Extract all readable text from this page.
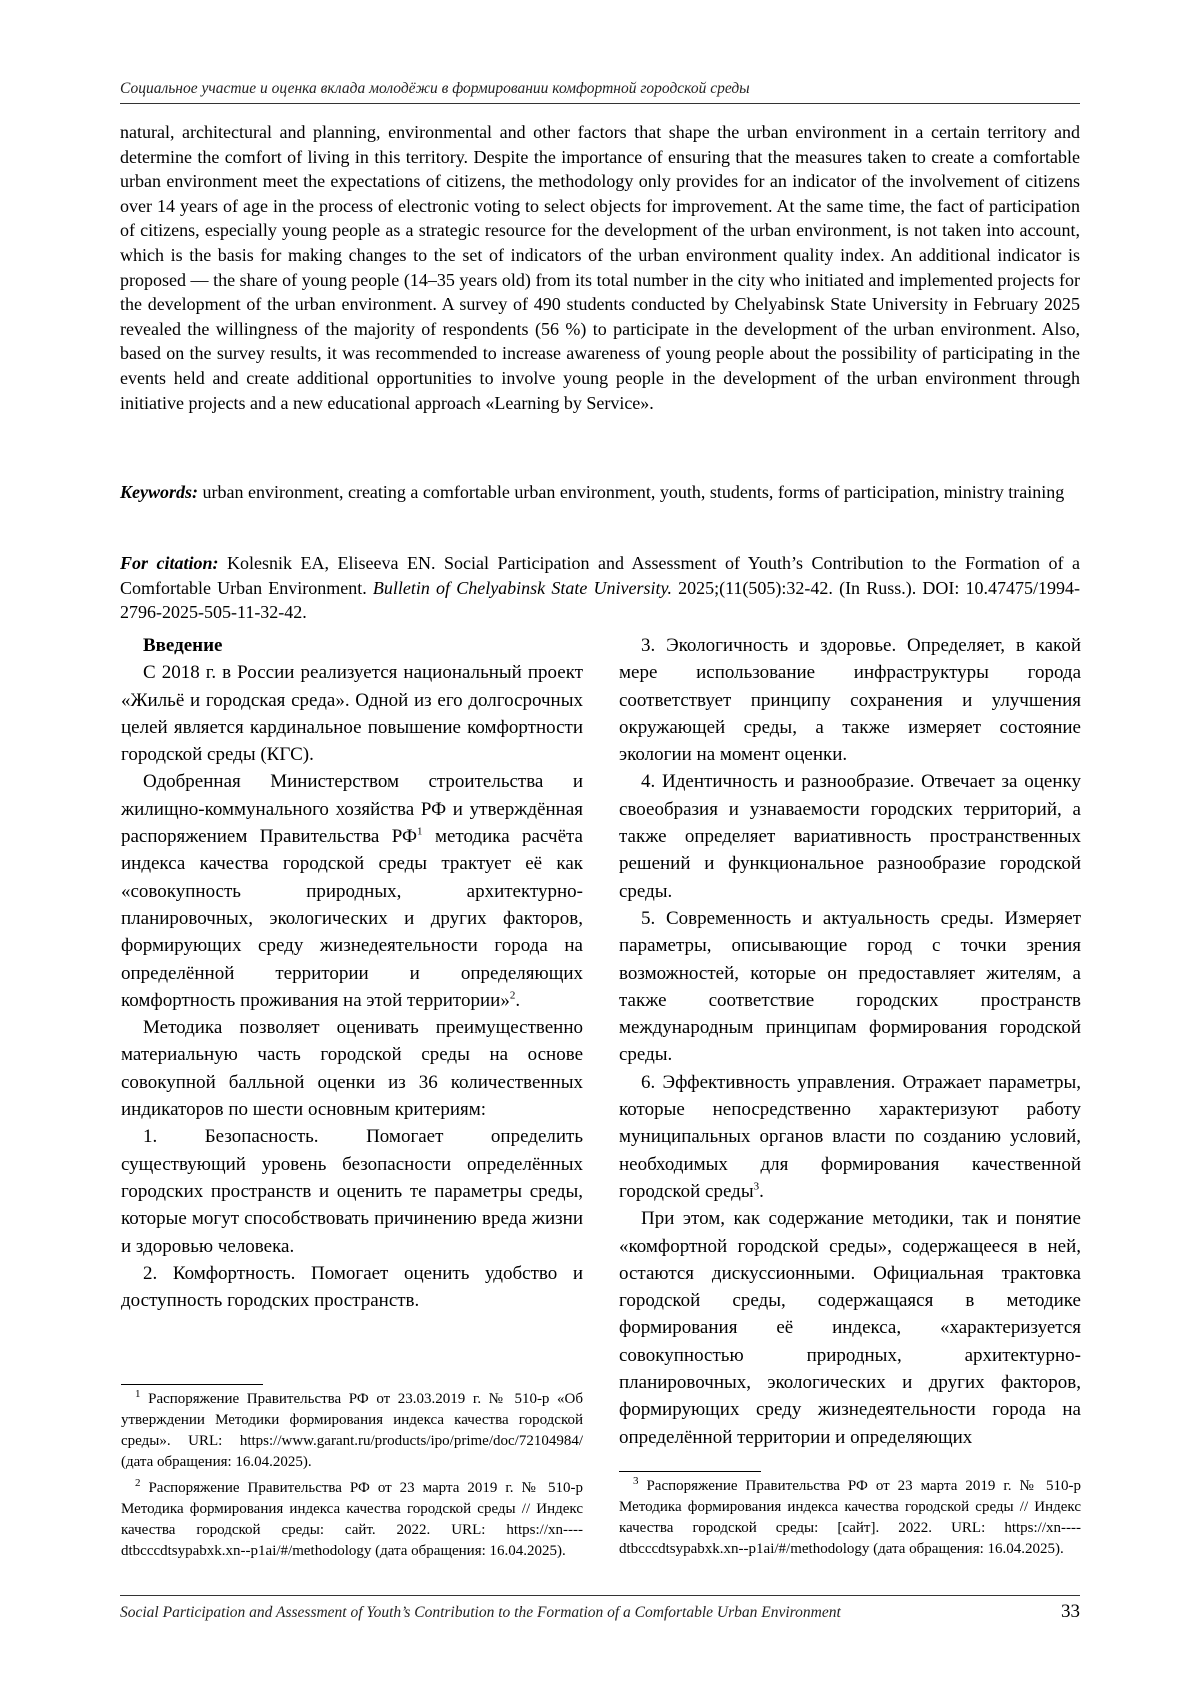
Социальное участие и оценка вклада молодёжи в формировании комфортной городской среды

natural, architectural and planning, environmental and other factors that shape the urban environment in a certain territory and determine the comfort of living in this territory. Despite the importance of ensuring that the measures taken to create a comfortable urban environment meet the expectations of citizens, the methodology only provides for an indicator of the involvement of citizens over 14 years of age in the process of electronic voting to select objects for improvement. At the same time, the fact of participation of citizens, especially young people as a strategic resource for the development of the urban environment, is not taken into account, which is the basis for making changes to the set of indicators of the urban environment quality index. An additional indicator is proposed — the share of young people (14–35 years old) from its total number in the city who initiated and implemented projects for the development of the urban environment. A survey of 490 students conducted by Chelyabinsk State University in February 2025 revealed the willingness of the majority of respondents (56 %) to participate in the development of the urban environment. Also, based on the survey results, it was recommended to increase awareness of young people about the possibility of participating in the events held and create additional opportunities to involve young people in the development of the urban environment through initiative projects and a new educational approach «Learning by Service».

Keywords: urban environment, creating a comfortable urban environment, youth, students, forms of participation, ministry training
For citation: Kolesnik EA, Eliseeva EN. Social Participation and Assessment of Youth’s Contribution to the Formation of a Comfortable Urban Environment. Bulletin of Chelyabinsk State University. 2025;(11(505):32-42. (In Russ.). DOI: 10.47475/1994-2796-2025-505-11-32-42.

Введение

С 2018 г. в России реализуется национальный проект «Жильё и городская среда». Одной из его долгосрочных целей является кардинальное повышение комфортности городской среды (КГС).

Одобренная Министерством строительства и жилищно-коммунального хозяйства РФ и утверждённая распоряжением Правительства $РФ^1$ методика расчёта индекса качества городской среды трактует её как «совокупность природных, архитектурно-планировочных, экологических и других факторов, формирующих среду жизнедеятельности города на определённой территории и определяющих комфортность проживания на этой территории»$^2$.

Методика позволяет оценивать преимущественно материальную часть городской среды на основе совокупной балльной оценки из 36 количественных индикаторов по шести основным критериям:

1. Безопасность. Помогает определить существующий уровень безопасности определённых городских пространств и оценить те параметры среды, которые могут способствовать причинению вреда жизни и здоровью человека.

2. Комфортность. Помогает оценить удобство и доступность городских пространств.

3. Экологичность и здоровье. Определяет, в какой мере использование инфраструктуры города соответствует принципу сохранения и улучшения окружающей среды, а также измеряет состояние экологии на момент оценки.

4. Идентичность и разнообразие. Отвечает за оценку своеобразия и узнаваемости городских территорий, а также определяет вариативность пространственных решений и функциональное разнообразие городской среды.

5. Современность и актуальность среды. Измеряет параметры, описывающие город с точки зрения возможностей, которые он предоставляет жителям, а также соответствие городских пространств международным принципам формирования городской среды.

6. Эффективность управления. Отражает параметры, которые непосредственно характеризуют работу муниципальных органов власти по созданию условий, необходимых для формирования качественной городской среды$^3$.

При этом, как содержание методики, так и понятие «комфортной городской среды», содержащееся в ней, остаются дискуссионными. Официальная трактовка городской среды, содержащаяся в методике формирования её индекса, «характеризуется совокупностью природных, архитектурно-планировочных, экологических и других факторов, формирующих среду жизнедеятельности города на определённой территории и определяющих

$^1$ Распоряжение Правительства РФ от 23.03.2019 г. № 510-р «Об утверждении Методики формирования индекса качества городской среды». URL: https://www.garant.ru/products/ipo/prime/doc/72104984/ (дата обращения: 16.04.2025).

$^2$ Распоряжение Правительства РФ от 23 марта 2019 г. № 510-р Методика формирования индекса качества городской среды // Индекс качества городской среды: сайт. 2022. URL: https://xn----dtbcccdtsypabxk.xn--p1ai/#/methodology (дата обращения: 16.04.2025).

$^3$ Распоряжение Правительства РФ от 23 марта 2019 г. № 510-р Методика формирования индекса качества городской среды // Индекс качества городской среды: [сайт]. 2022. URL: https://xn----dtbcccdtsypabxk.xn--p1ai/#/methodology (дата обращения: 16.04.2025).

Social Participation and Assessment of Youth’s Contribution to the Formation of a Comfortable Urban Environment	33
